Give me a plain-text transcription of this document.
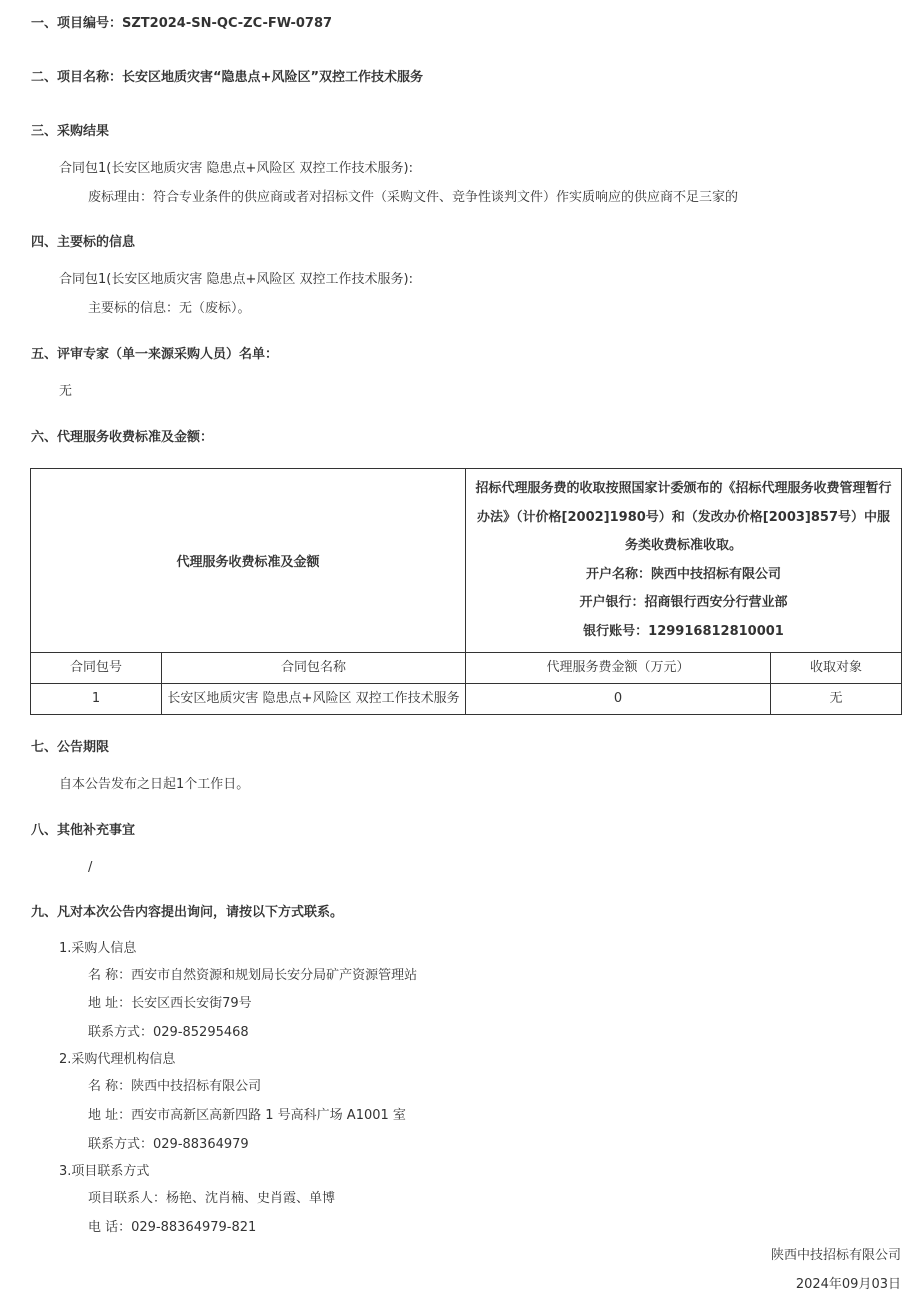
一、项目编号：SZT2024-SN-QC-ZC-FW-0787
二、项目名称：长安区地质灾害“隐患点+风险区”双控工作技术服务
三、采购结果
合同包1(长安区地质灾害 隐患点+风险区 双控工作技术服务):
废标理由：符合专业条件的供应商或者对招标文件（采购文件、竞争性谈判文件）作实质响应的供应商不足三家的
四、主要标的信息
合同包1(长安区地质灾害 隐患点+风险区 双控工作技术服务):
主要标的信息：无（废标）。
五、评审专家（单一来源采购人员）名单：
无
六、代理服务收费标准及金额：
代理服务收费标准及金额		招标代理服务费的收取按照国家计委颁布的《招标代理服务收费管理暂行办法》（计价格[2002]1980号）和（发改办价格[2003]857号）中服务类收费标准收取。
开户名称：陕西中技招标有限公司
开户银行：招商银行西安分行营业部
银行账号：129916812810001	

合同包号	合同包名称	代理服务费金额（万元）	收取对象
1	长安区地质灾害 隐患点+风险区 双控工作技术服务	0	无
七、公告期限
自本公告发布之日起1个工作日。
八、其他补充事宜
/
九、凡对本次公告内容提出询问，请按以下方式联系。
1.采购人信息
名 称：西安市自然资源和规划局长安分局矿产资源管理站
地 址：长安区西长安街79号
联系方式：029-85295468
2.采购代理机构信息
名 称：陕西中技招标有限公司
地 址：西安市高新区高新四路 1 号高科广场 A1001 室
联系方式：029-88364979
3.项目联系方式
项目联系人：杨艳、沈肖楠、史肖霞、单博
电 话：029-88364979-821
陕西中技招标有限公司
2024年09月03日
